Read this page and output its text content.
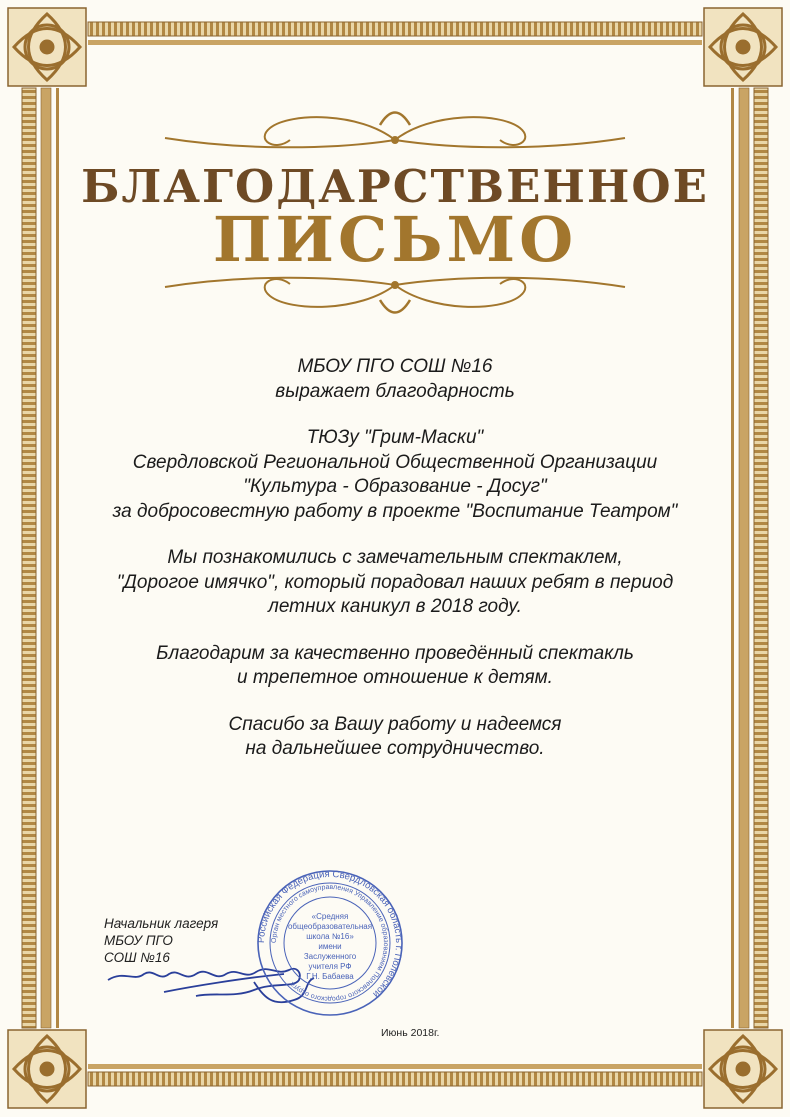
БЛАГОДАРСТВЕННОЕ
ПИСЬМО

МБОУ ПГО СОШ №16
выражает благодарность

ТЮЗу "Грим-Маски"
Свердловской Региональной Общественной Организации
"Культура - Образование - Досуг"
за добросовестную работу в проекте "Воспитание Театром"

Мы познакомились с замечательным спектаклем,
"Дорогое имячко", который порадовал наших ребят в период
летних каникул в 2018 году.

Благодарим за качественно проведённый спектакль
и трепетное отношение к детям.

Спасибо за Вашу работу и надеемся
на дальнейшее сотрудничество.

Начальник лагеря
МБОУ ПГО
СОШ №16
Российская Федерация Свердловская область г. Полевской
Орган местного самоуправления Управление образованием Полевского городского округа
«Средняя
общеобразовательная
школа №16»
имени
Заслуженного
учителя РФ
Г.Н. Бабаева
Июнь 2018г.
